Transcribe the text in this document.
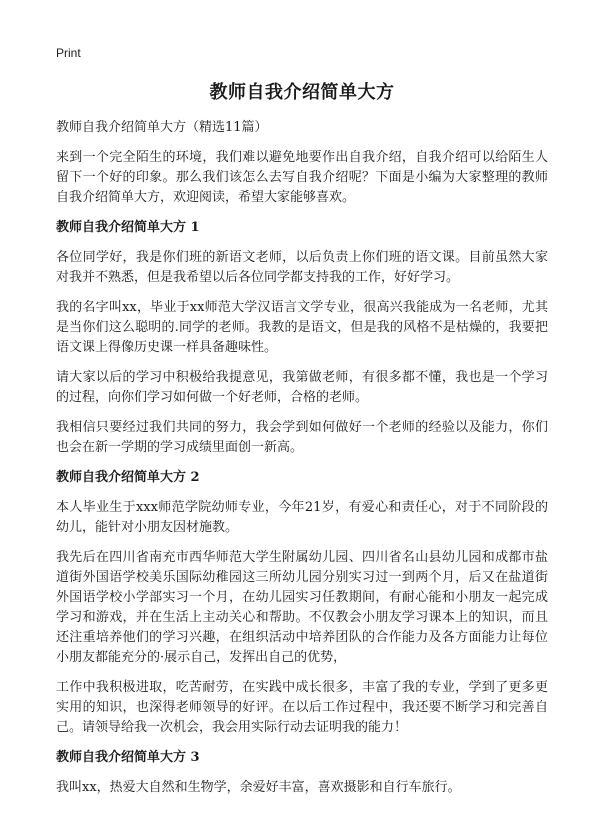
Print
教师自我介绍简单大方
教师自我介绍简单大方（精选11篇）

来到一个完全陌生的环境，我们难以避免地要作出自我介绍，自我介绍可以给陌生人留下一个好的印象。那么我们该怎么去写自我介绍呢？下面是小编为大家整理的教师自我介绍简单大方，欢迎阅读，希望大家能够喜欢。

教师自我介绍简单大方 1

各位同学好，我是你们班的新语文老师，以后负责上你们班的语文课。目前虽然大家对我并不熟悉，但是我希望以后各位同学都支持我的工作，好好学习。

我的名字叫xx，毕业于xx师范大学汉语言文学专业，很高兴我能成为一名老师，尤其是当你们这么聪明的.同学的老师。我教的是语文，但是我的风格不是枯燥的，我要把语文课上得像历史课一样具备趣味性。

请大家以后的学习中积极给我提意见，我第做老师，有很多都不懂，我也是一个学习的过程，向你们学习如何做一个好老师，合格的老师。

我相信只要经过我们共同的努力，我会学到如何做好一个老师的经验以及能力，你们也会在新一学期的学习成绩里面创一新高。

教师自我介绍简单大方 2

本人毕业生于xxx师范学院幼师专业，今年21岁，有爱心和责任心，对于不同阶段的幼儿，能针对小朋友因材施教。

我先后在四川省南充市西华师范大学生附属幼儿园、四川省名山县幼儿园和成都市盐道街外国语学校美乐国际幼稚园这三所幼儿园分别实习过一到两个月，后又在盐道街外国语学校小学部实习一个月，在幼儿园实习任教期间，有耐心能和小朋友一起完成学习和游戏，并在生活上主动关心和帮助。不仅教会小朋友学习课本上的知识，而且还注重培养他们的学习兴趣，在组织活动中培养团队的合作能力及各方面能力让每位小朋友都能充分的·展示自己，发挥出自己的优势，

工作中我积极进取，吃苦耐劳，在实践中成长很多，丰富了我的专业，学到了更多更实用的知识，也深得老师领导的好评。在以后工作过程中，我还要不断学习和完善自己。请领导给我一次机会，我会用实际行动去证明我的能力！

教师自我介绍简单大方 3

我叫xx，热爱大自然和生物学，余爱好丰富，喜欢摄影和自行车旅行。
